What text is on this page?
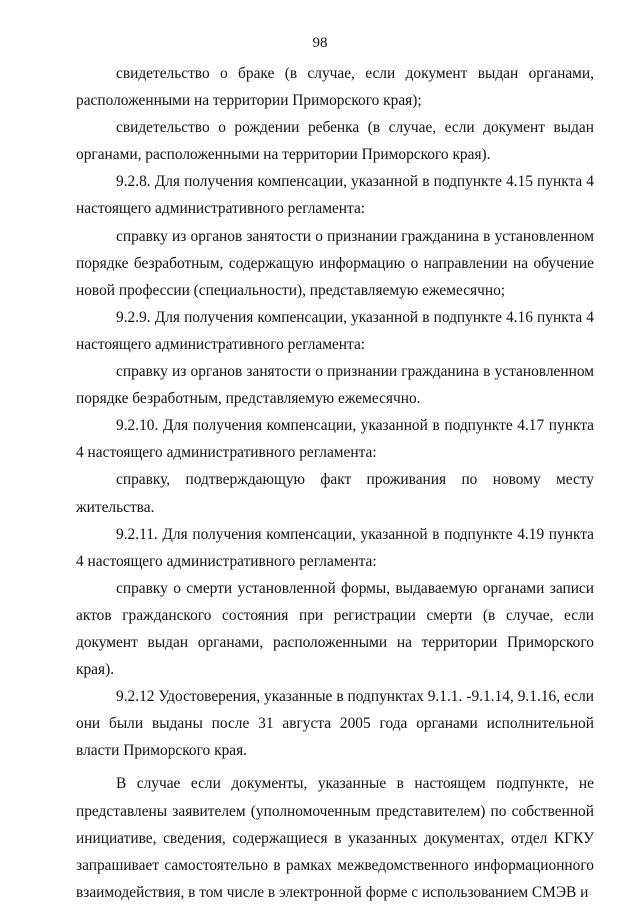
98

свидетельство о браке (в случае, если документ выдан органами, расположенными на территории Приморского края);

свидетельство о рождении ребенка (в случае, если документ выдан органами, расположенными на территории Приморского края).

9.2.8. Для получения компенсации, указанной в подпункте 4.15 пункта 4 настоящего административного регламента:

справку из органов занятости о признании гражданина в установленном порядке безработным, содержащую информацию о направлении на обучение новой профессии (специальности), представляемую ежемесячно;

9.2.9. Для получения компенсации, указанной в подпункте 4.16 пункта 4 настоящего административного регламента:

справку из органов занятости о признании гражданина в установленном порядке безработным, представляемую ежемесячно.

9.2.10. Для получения компенсации, указанной в подпункте 4.17 пункта 4 настоящего административного регламента:

справку, подтверждающую факт проживания по новому месту жительства.

9.2.11. Для получения компенсации, указанной в подпункте 4.19 пункта 4 настоящего административного регламента:

справку о смерти установленной формы, выдаваемую органами записи актов гражданского состояния при регистрации смерти (в случае, если документ выдан органами, расположенными на территории Приморского края).

9.2.12 Удостоверения, указанные в подпунктах 9.1.1. -9.1.14, 9.1.16, если они были выданы после 31 августа 2005 года органами исполнительной власти Приморского края.

В случае если документы, указанные в настоящем подпункте, не представлены заявителем (уполномоченным представителем) по собственной инициативе, сведения, содержащиеся в указанных документах, отдел КГКУ запрашивает самостоятельно в рамках межведомственного информационного взаимодействия, в том числе в электронной форме с использованием СМЭВ и
